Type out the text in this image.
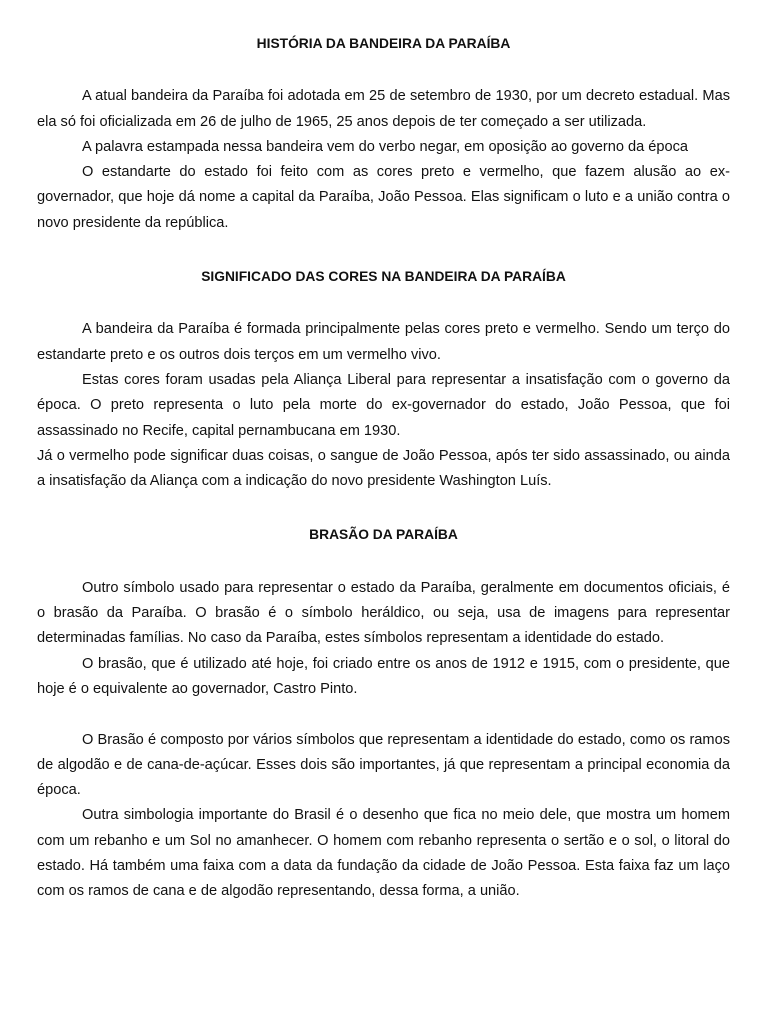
HISTÓRIA DA BANDEIRA DA PARAÍBA

A atual bandeira da Paraíba foi adotada em 25 de setembro de 1930, por um decreto estadual. Mas ela só foi oficializada em 26 de julho de 1965, 25 anos depois de ter começado a ser utilizada.

A palavra estampada nessa bandeira vem do verbo negar, em oposição ao governo da época

O estandarte do estado foi feito com as cores preto e vermelho, que fazem alusão ao ex-governador, que hoje dá nome a capital da Paraíba, João Pessoa. Elas significam o luto e a união contra o novo presidente da república.

SIGNIFICADO DAS CORES NA BANDEIRA DA PARAÍBA

A bandeira da Paraíba é formada principalmente pelas cores preto e vermelho. Sendo um terço do estandarte preto e os outros dois terços em um vermelho vivo.

Estas cores foram usadas pela Aliança Liberal para representar a insatisfação com o governo da época. O preto representa o luto pela morte do ex-governador do estado, João Pessoa, que foi assassinado no Recife, capital pernambucana em 1930.

Já o vermelho pode significar duas coisas, o sangue de João Pessoa, após ter sido assassinado, ou ainda a insatisfação da Aliança com a indicação do novo presidente Washington Luís.

BRASÃO DA PARAÍBA

Outro símbolo usado para representar o estado da Paraíba, geralmente em documentos oficiais, é o brasão da Paraíba. O brasão é o símbolo heráldico, ou seja, usa de imagens para representar determinadas famílias. No caso da Paraíba, estes símbolos representam a identidade do estado.

O brasão, que é utilizado até hoje, foi criado entre os anos de 1912 e 1915, com o presidente, que hoje é o equivalente ao governador, Castro Pinto.

O Brasão é composto por vários símbolos que representam a identidade do estado, como os ramos de algodão e de cana-de-açúcar. Esses dois são importantes, já que representam a principal economia da época.

Outra simbologia importante do Brasil é o desenho que fica no meio dele, que mostra um homem com um rebanho e um Sol no amanhecer. O homem com rebanho representa o sertão e o sol, o litoral do estado. Há também uma faixa com a data da fundação da cidade de João Pessoa. Esta faixa faz um laço com os ramos de cana e de algodão representando, dessa forma, a união.
